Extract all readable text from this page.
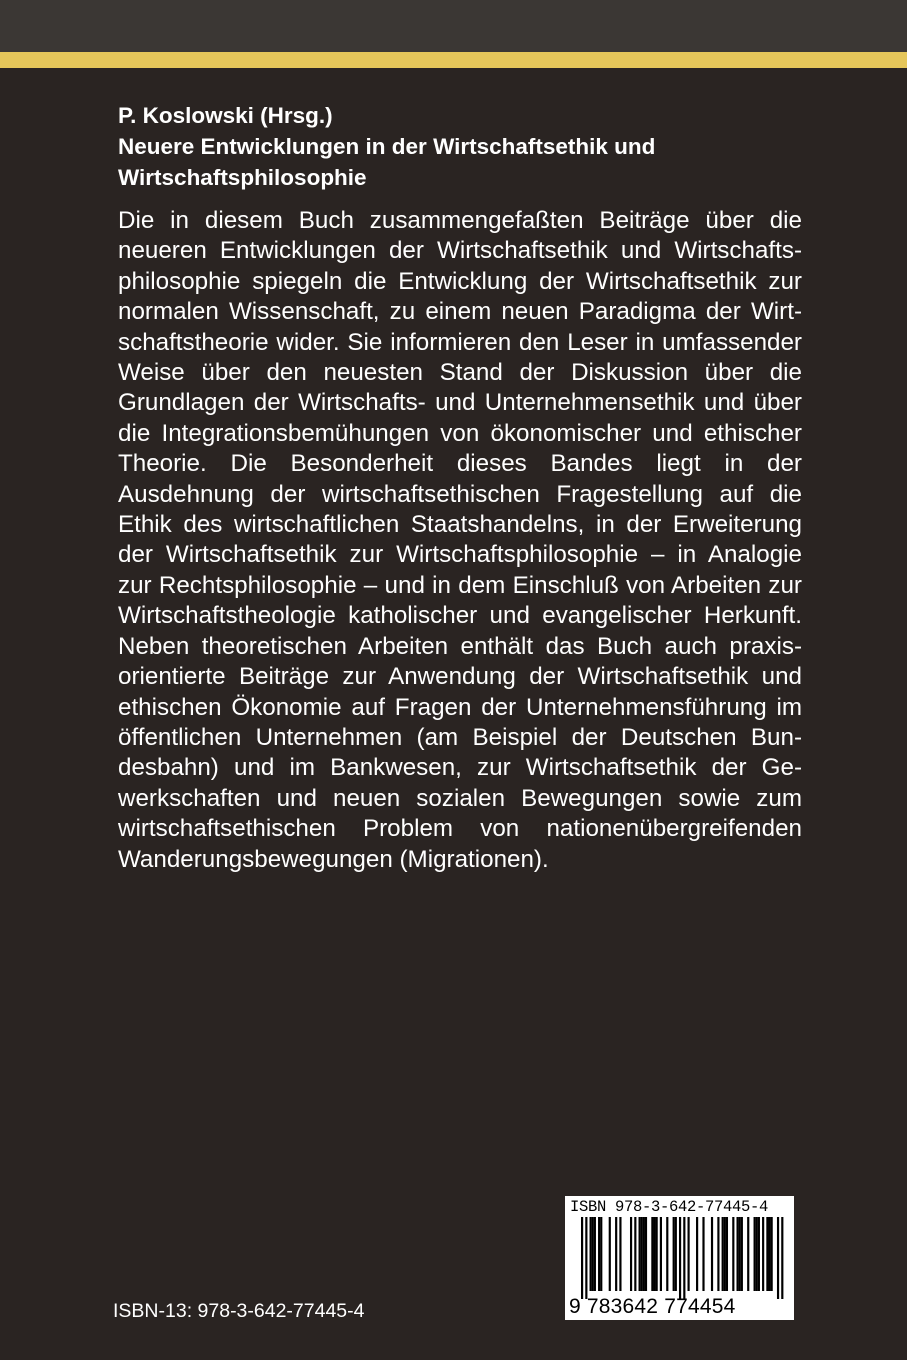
P. Koslowski (Hrsg.)
Neuere Entwicklungen in der Wirtschaftsethik und
Wirtschaftsphilosophie

Die in diesem Buch zusammengefaßten Beiträge über die neueren Entwicklungen der Wirtschaftsethik und Wirtschaftsphilosophie spiegeln die Entwicklung der Wirtschaftsethik zur normalen Wissenschaft, zu einem neuen Paradigma der Wirtschaftstheorie wider. Sie informieren den Leser in umfassender Weise über den neuesten Stand der Diskussion über die Grundlagen der Wirtschafts- und Unternehmensethik und über die Integrationsbemühungen von ökonomischer und ethischer Theorie. Die Besonderheit dieses Bandes liegt in der Ausdehnung der wirtschaftsethischen Fragestellung auf die Ethik des wirtschaftlichen Staatshandelns, in der Erweiterung der Wirtschaftsethik zur Wirtschaftsphilosophie – in Analogie zur Rechtsphilosophie – und in dem Einschluß von Arbeiten zur Wirtschaftstheologie katholischer und evangelischer Herkunft. Neben theoretischen Arbeiten enthält das Buch auch praxisorientierte Beiträge zur Anwendung der Wirtschaftsethik und ethischen Ökonomie auf Fragen der Unternehmensführung im öffentlichen Unternehmen (am Beispiel der Deutschen Bundesbahn) und im Bankwesen, zur Wirtschaftsethik der Gewerkschaften und neuen sozialen Bewegungen sowie zum wirtschaftsethischen Problem von nationenübergreifenden Wanderungsbewegungen (Migrationen).

ISBN-13: 978-3-642-77445-4
ISBN 978-3-642-77445-4
9 783642 774454
